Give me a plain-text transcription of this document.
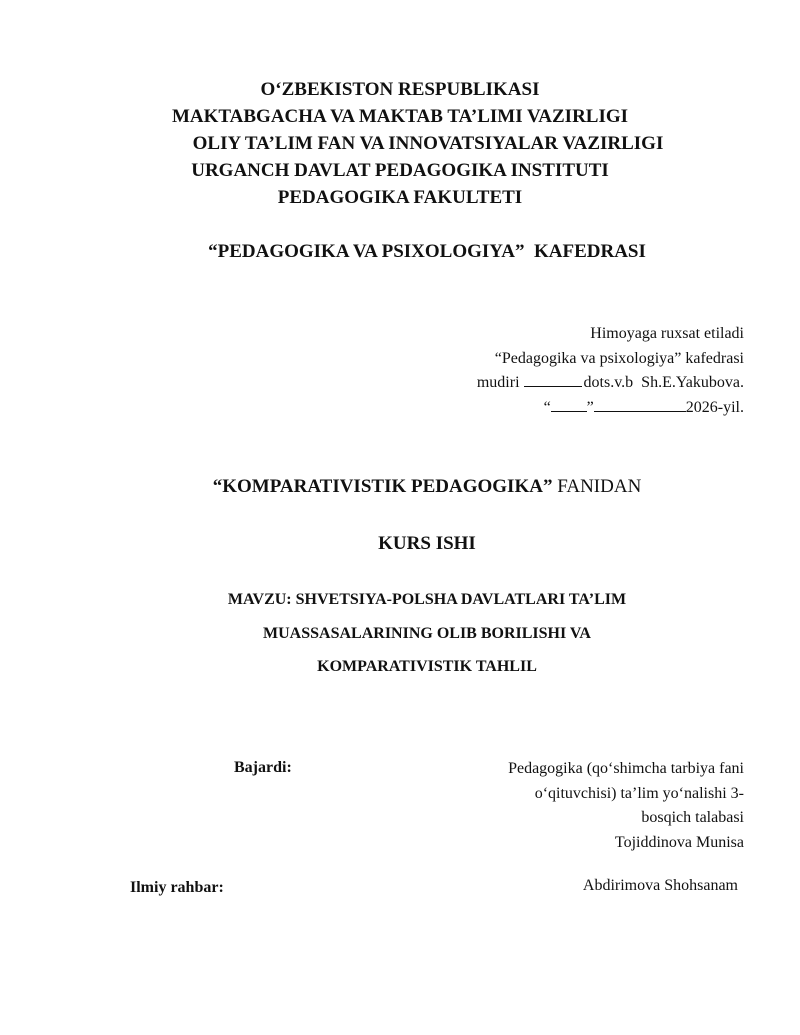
O‘ZBEKISTON RESPUBLIKASI
MAKTABGACHA VA MAKTAB TA’LIMI VAZIRLIGI
OLIY TA’LIM FAN VA INNOVATSIYALAR VAZIRLIGI
URGANCH DAVLAT PEDAGOGIKA INSTITUTI
PEDAGOGIKA FAKULTETI
“PEDAGOGIKA VA PSIXOLOGIYA”  KAFEDRASI
Himoyaga ruxsat etiladi
“Pedagogika va psixologiya” kafedrasi
mudiri	dots.v.b  Sh.E.Yakubova.
“ ”	2026-yil.
“KOMPARATIVISTIK PEDAGOGIKA” FANIDAN
KURS ISHI
MAVZU: SHVETSIYA-POLSHA DAVLATLARI TA’LIM
MUASSASALARINING OLIB BORILISHI VA
KOMPARATIVISTIK TAHLIL
Bajardi:	Pedagogika (qo‘shimcha tarbiya fani
o‘qituvchisi) ta’lim yo‘nalishi 3-
bosqich talabasi
Tojiddinova Munisa
Ilmiy rahbar:	Abdirimova Shohsanam
